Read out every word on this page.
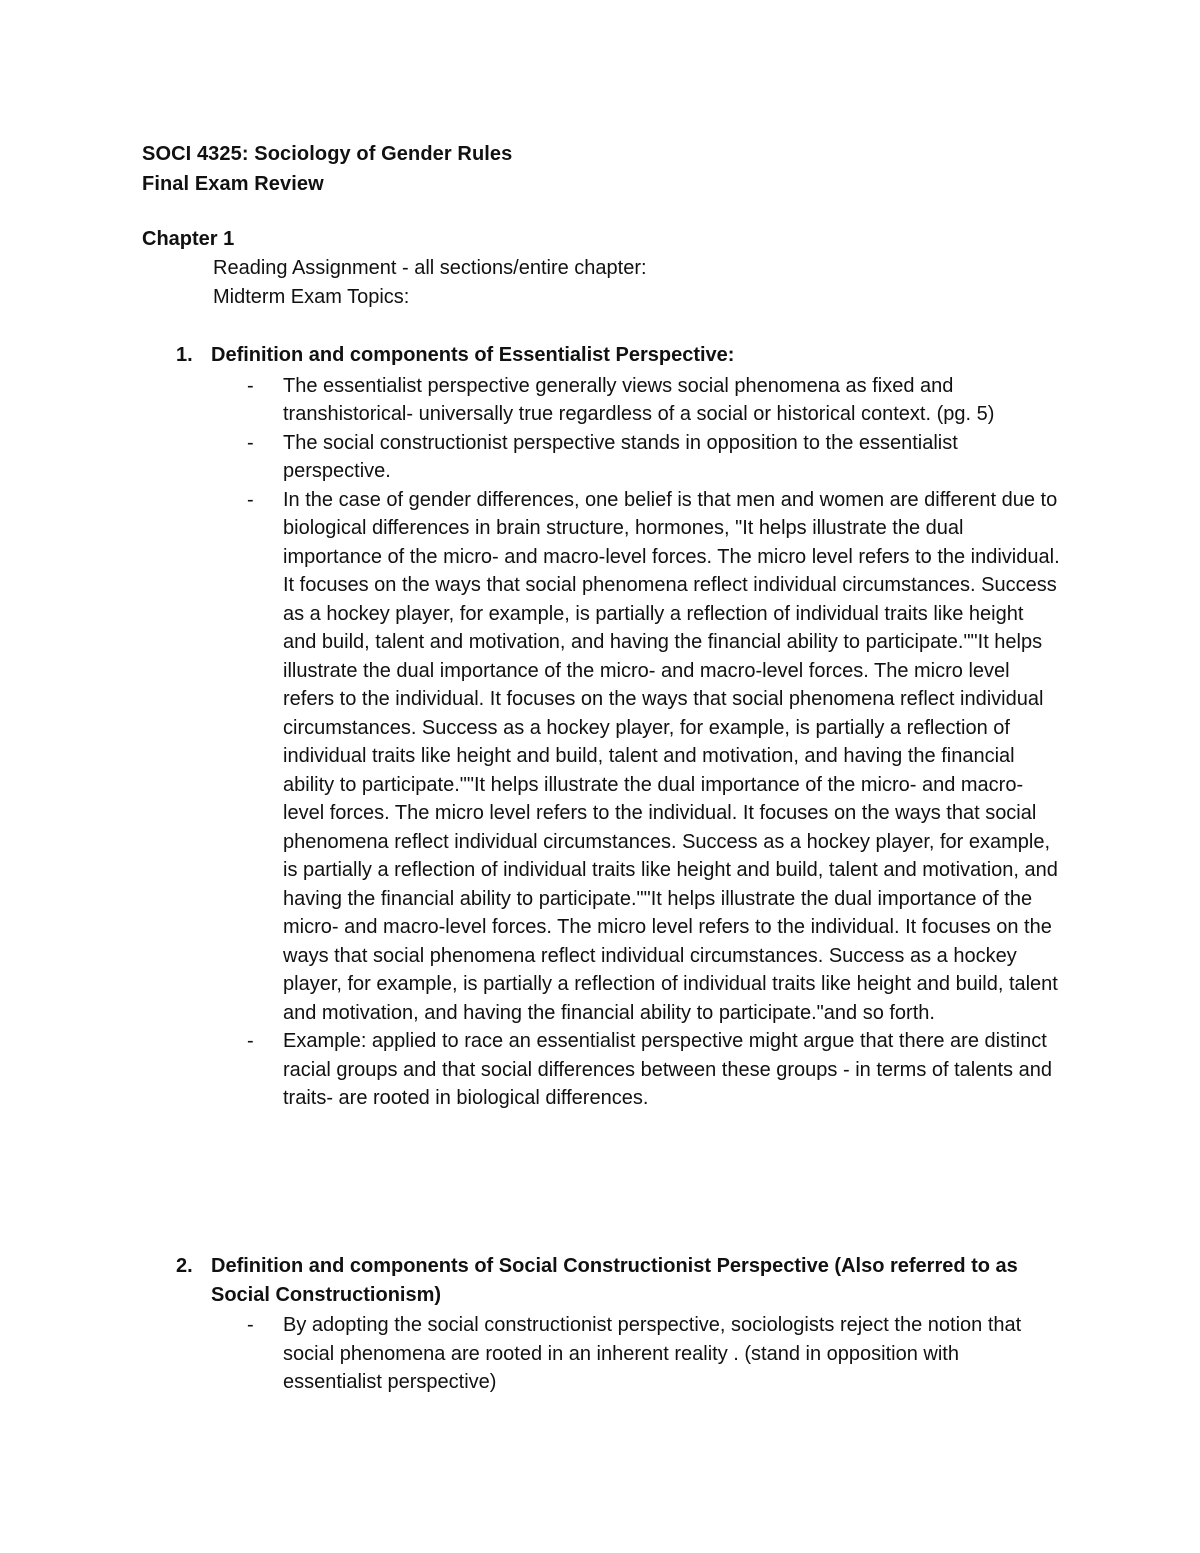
SOCI 4325: Sociology of Gender Rules

Final Exam Review

Chapter 1

Reading Assignment - all sections/entire chapter:

Midterm Exam Topics:

1. Definition and components of Essentialist Perspective:
-	The essentialist perspective generally views social phenomena as fixed and transhistorical- universally true regardless of a social or historical context. (pg. 5)
-	The social constructionist perspective stands in opposition to the essentialist perspective.
-	In the case of gender differences, one belief is that men and women are different due to biological differences in brain structure, hormones, "It helps illustrate the dual importance of the micro- and macro-level forces. The micro level refers to the individual. It focuses on the ways that social phenomena reflect individual circumstances. Success as a hockey player, for example, is partially a reflection of individual traits like height and build, talent and motivation, and having the financial ability to participate.""It helps illustrate the dual importance of the micro- and macro-level forces. The micro level refers to the individual. It focuses on the ways that social phenomena reflect individual circumstances. Success as a hockey player, for example, is partially a reflection of individual traits like height and build, talent and motivation, and having the financial ability to participate.""It helps illustrate the dual importance of the micro- and macro-level forces. The micro level refers to the individual. It focuses on the ways that social phenomena reflect individual circumstances. Success as a hockey player, for example, is partially a reflection of individual traits like height and build, talent and motivation, and having the financial ability to participate.""It helps illustrate the dual importance of the micro- and macro-level forces. The micro level refers to the individual. It focuses on the ways that social phenomena reflect individual circumstances. Success as a hockey player, for example, is partially a reflection of individual traits like height and build, talent and motivation, and having the financial ability to participate."and so forth.
-	Example: applied to race an essentialist perspective might argue that there are distinct racial groups and that social differences between these groups - in terms of talents and traits- are rooted in biological differences.
2. Definition and components of Social Constructionist Perspective (Also referred to as Social Constructionism)
-	By adopting the social constructionist perspective, sociologists reject the notion that social phenomena are rooted in an inherent reality . (stand in opposition with essentialist perspective)
